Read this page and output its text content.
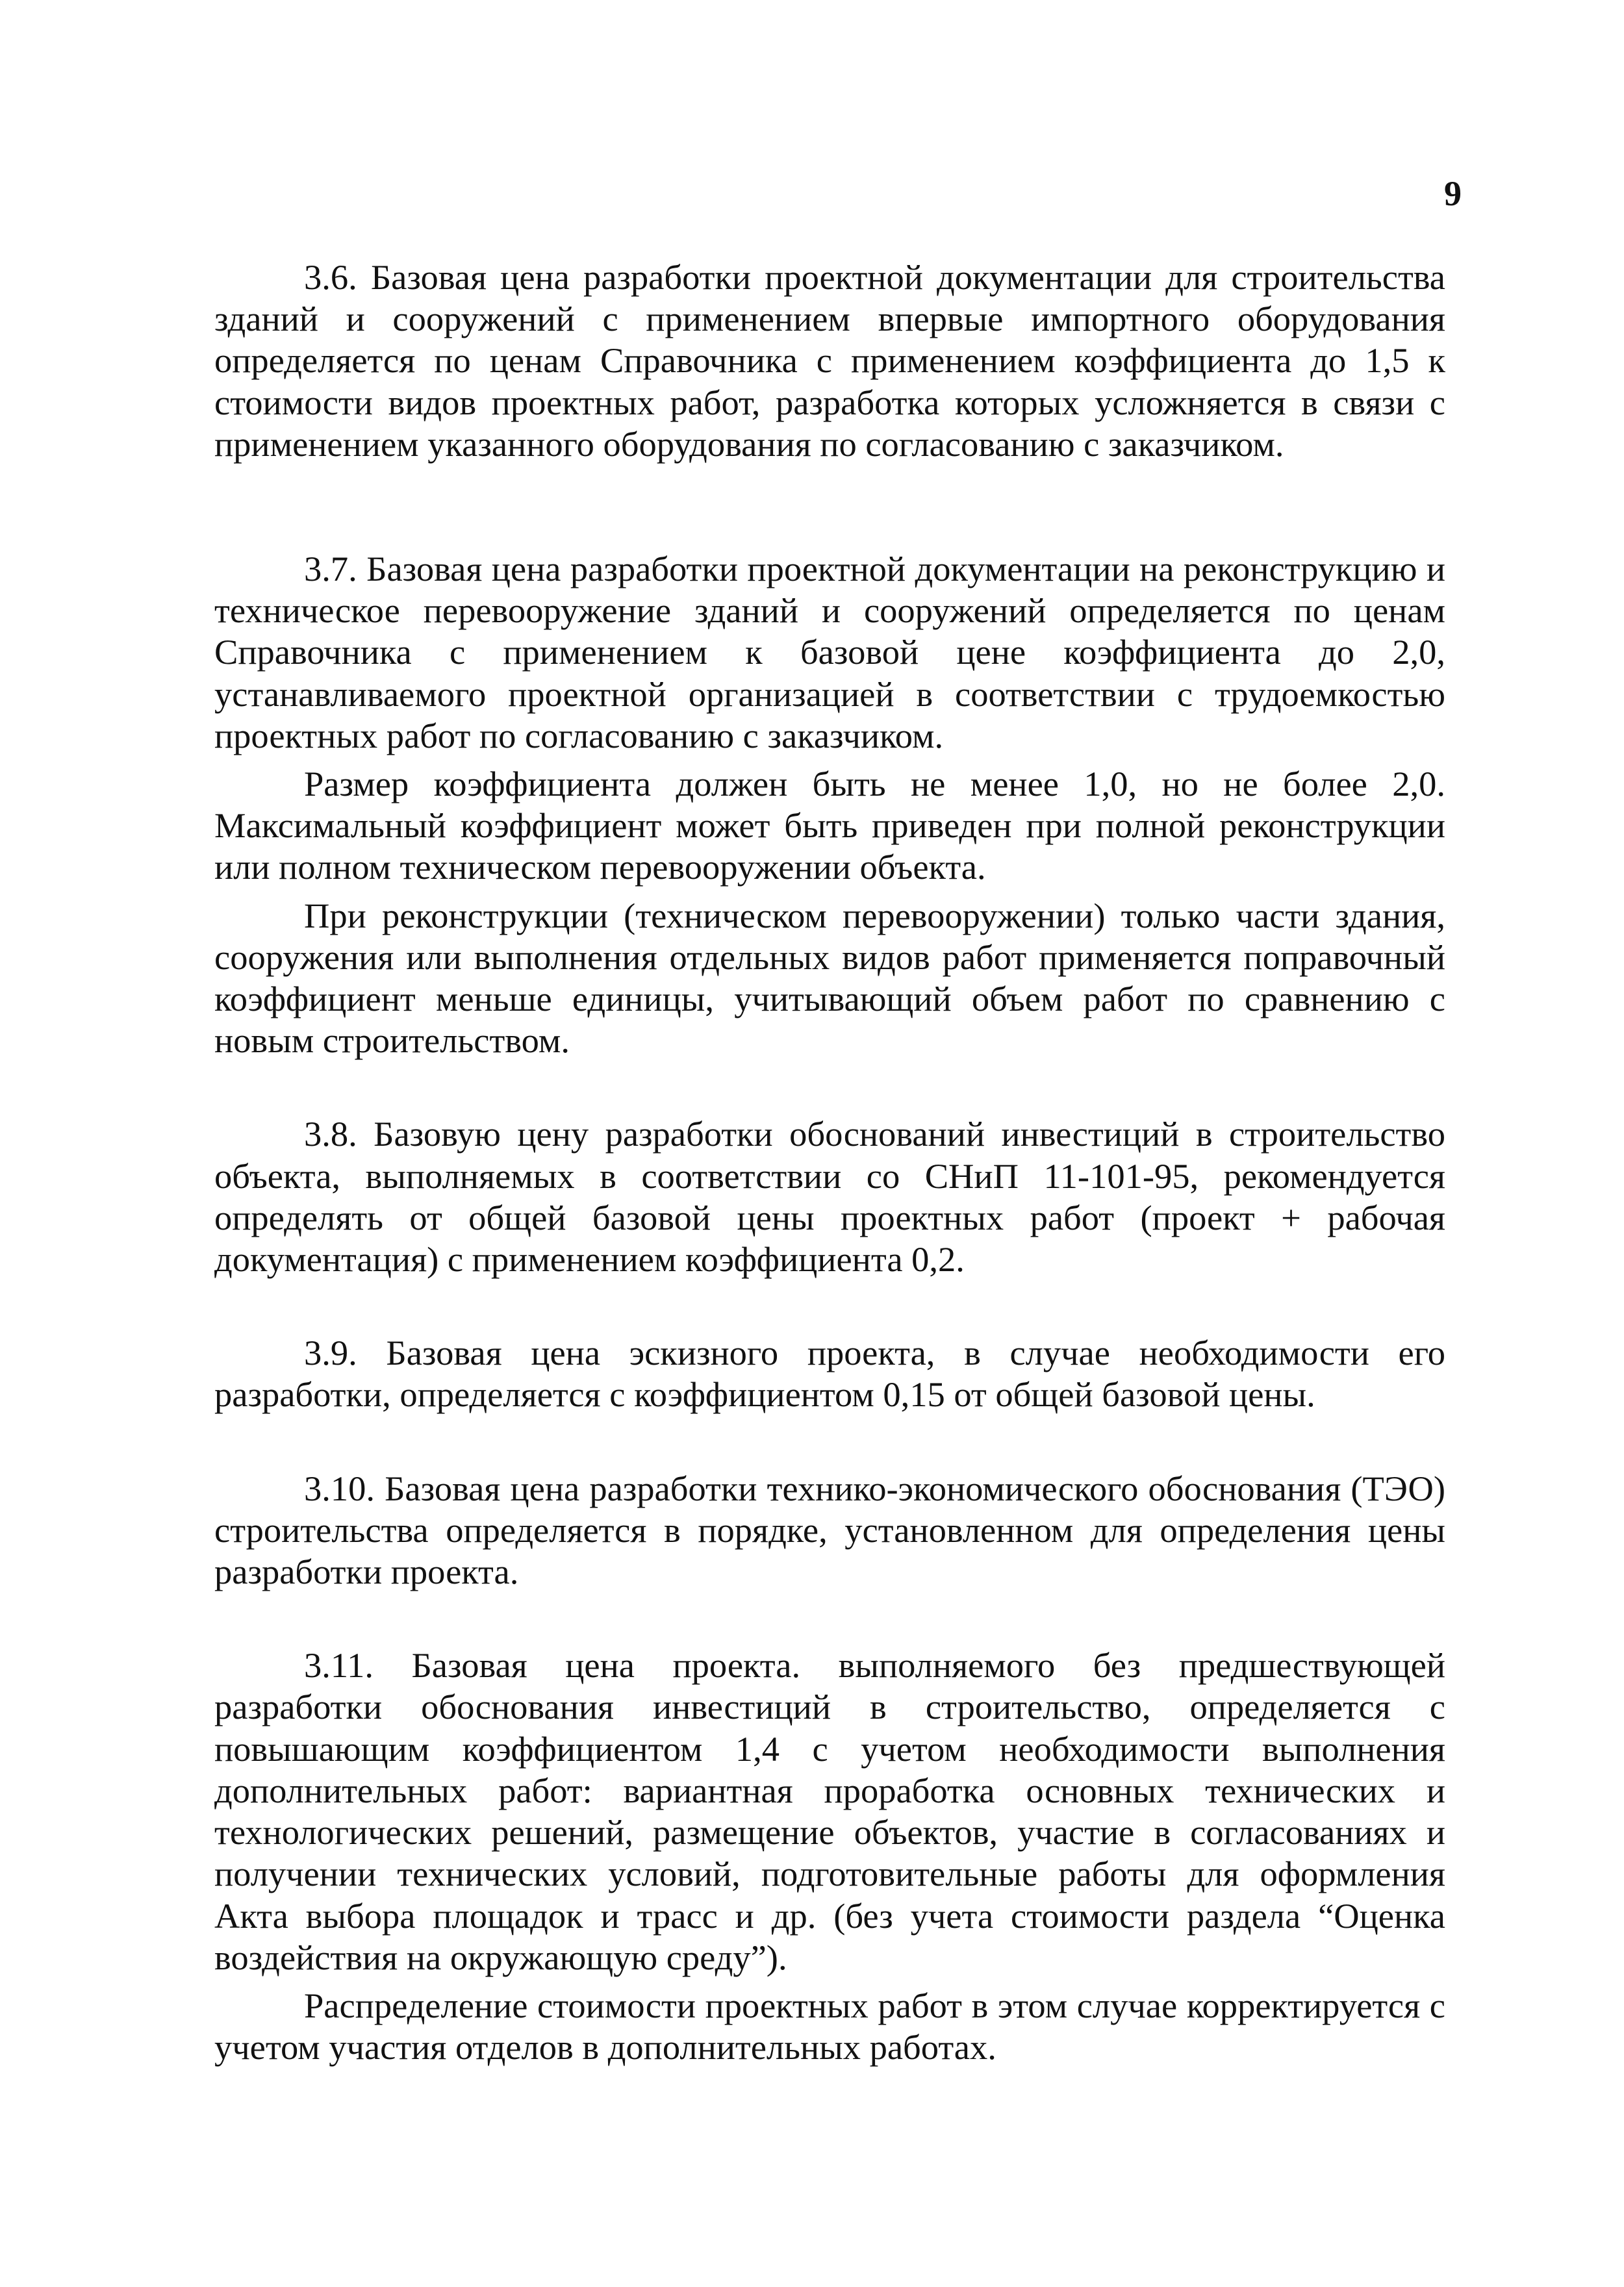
9

3.6. Базовая цена разработки проектной документации для строительства зданий и сооружений с применением впервые импортного оборудования определяется по ценам Справочника с применением коэффициента до 1,5 к стоимости видов проектных работ, разработка которых усложняется в связи с применением указанного оборудования по согласованию с заказчиком.

3.7. Базовая цена разработки проектной документации на реконструкцию и техническое перевооружение зданий и сооружений определяется по ценам Справочника с применением к базовой цене коэффициента до 2,0, устанавливаемого проектной организацией в соответствии с трудоемкостью проектных работ по согласованию с заказчиком.

Размер коэффициента должен быть не менее 1,0, но не более 2,0. Максимальный коэффициент может быть приведен при полной реконструкции или полном техническом перевооружении объекта.

При реконструкции (техническом перевооружении) только части здания, сооружения или выполнения отдельных видов работ применяется поправочный коэффициент меньше единицы, учитывающий объем работ по сравнению с новым строительством.

3.8. Базовую цену разработки обоснований инвестиций в строительство объекта, выполняемых в соответствии со СНиП 11-101-95, рекомендуется определять от общей базовой цены проектных работ (проект + рабочая документация) с применением коэффициента 0,2.

3.9. Базовая цена эскизного проекта, в случае необходимости его разработки, определяется с коэффициентом 0,15 от общей базовой цены.

3.10. Базовая цена разработки технико-экономического обоснования (ТЭО) строительства определяется в порядке, установленном для определения цены разработки проекта.

3.11. Базовая цена проекта. выполняемого без предшествующей разработки обоснования инвестиций в строительство, определяется с повышающим коэффициентом 1,4 с учетом необходимости выполнения дополнительных работ: вариантная проработка основных технических и технологических решений, размещение объектов, участие в согласованиях и получении технических условий, подготовительные работы для оформления Акта выбора площадок и трасс и др. (без учета стоимости раздела “Оценка воздействия на окружающую среду”).

Распределение стоимости проектных работ в этом случае корректируется с учетом участия отделов в дополнительных работах.
